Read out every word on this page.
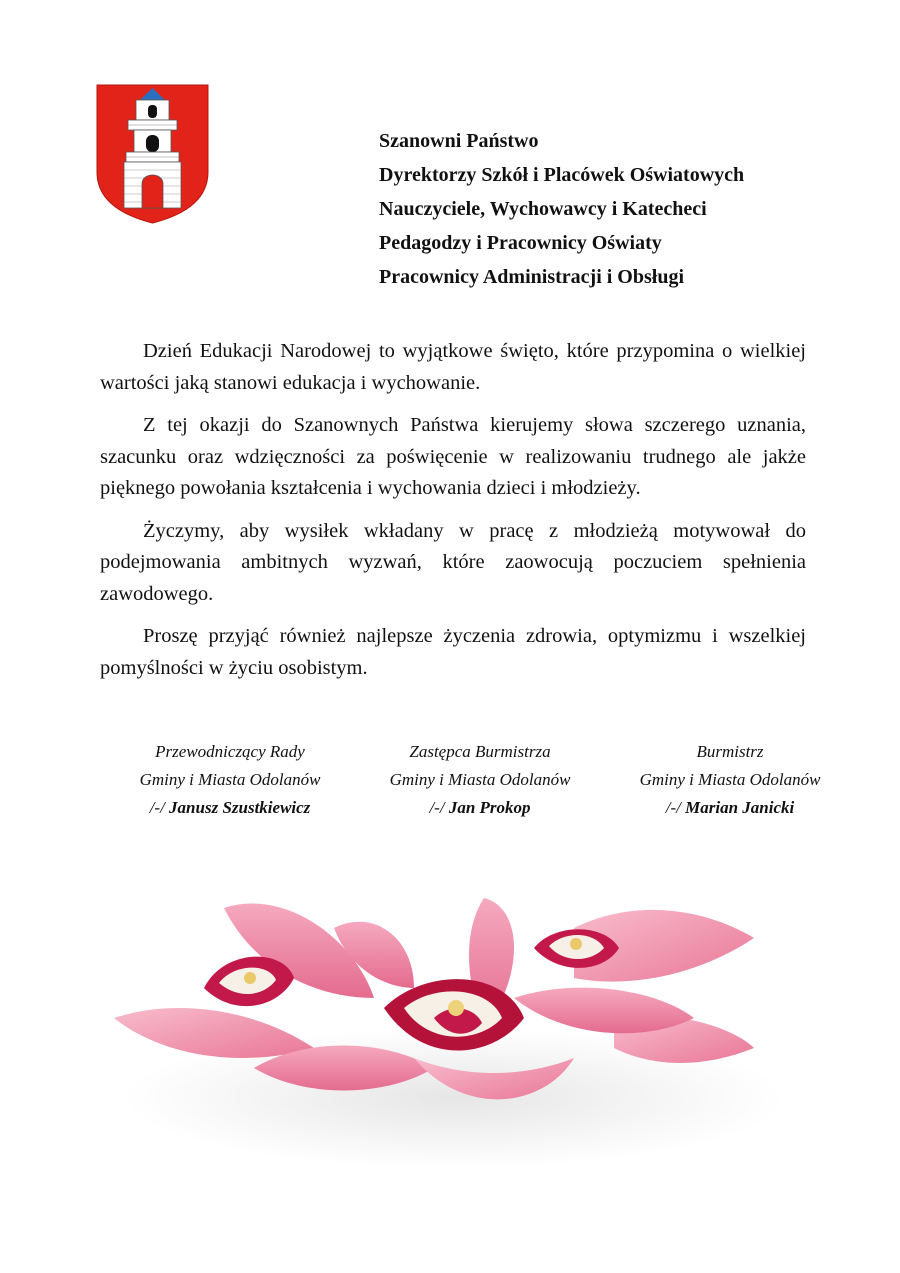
Szanowni Państwo
Dyrektorzy Szkół i Placówek Oświatowych
Nauczyciele, Wychowawcy i Katecheci
Pedagodzy i Pracownicy Oświaty
Pracownicy Administracji i Obsługi

Dzień Edukacji Narodowej to wyjątkowe święto, które przypomina o wielkiej wartości jaką stanowi edukacja i wychowanie.

Z tej okazji do Szanownych Państwa kierujemy słowa szczerego uznania, szacunku oraz wdzięczności za poświęcenie w realizowaniu trudnego ale jakże pięknego powołania kształcenia i wychowania dzieci i młodzieży.

Życzymy, aby wysiłek wkładany w pracę z młodzieżą motywował do podejmowania ambitnych wyzwań, które zaowocują poczuciem spełnienia zawodowego.

Proszę przyjąć również najlepsze życzenia zdrowia, optymizmu i wszelkiej pomyślności w życiu osobistym.

Przewodniczący Rady
Gminy i Miasta Odolanów
/-/ Janusz Szustkiewicz
Zastępca Burmistrza
Gminy i Miasta Odolanów
/-/ Jan Prokop
Burmistrz
Gminy i Miasta Odolanów
/-/ Marian Janicki
